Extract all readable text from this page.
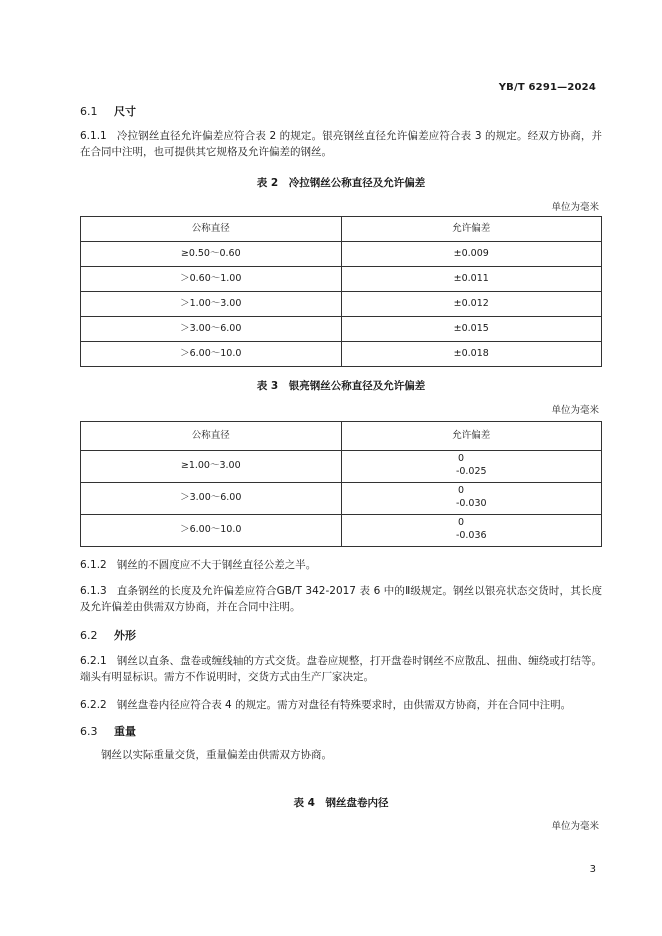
YB/T 6291—2024
6.1 尺寸
6.1.1 冷拉钢丝直径允许偏差应符合表 2 的规定。银亮钢丝直径允许偏差应符合表 3 的规定。经双方协商，并在合同中注明，也可提供其它规格及允许偏差的钢丝。
表 2　冷拉钢丝公称直径及允许偏差
单位为毫米
公称直径	允许偏差
≥0.50～0.60	±0.009
＞0.60～1.00	±0.011
＞1.00～3.00	±0.012
＞3.00～6.00	±0.015
＞6.00～10.0	±0.018
表 3　银亮钢丝公称直径及允许偏差
单位为毫米
公称直径	允许偏差
≥1.00～3.00	0
-0.025
＞3.00～6.00	0
-0.030
＞6.00～10.0	0
-0.036
6.1.2 钢丝的不圆度应不大于钢丝直径公差之半。
6.1.3 直条钢丝的长度及允许偏差应符合GB/T 342-2017 表 6 中的Ⅱ级规定。钢丝以银亮状态交货时，其长度及允许偏差由供需双方协商，并在合同中注明。
6.2 外形
6.2.1 钢丝以直条、盘卷或缠线轴的方式交货。盘卷应规整，打开盘卷时钢丝不应散乱、扭曲、缠绕或打结等。端头有明显标识。需方不作说明时，交货方式由生产厂家决定。
6.2.2 钢丝盘卷内径应符合表 4 的规定。需方对盘径有特殊要求时，由供需双方协商，并在合同中注明。
6.3 重量
钢丝以实际重量交货，重量偏差由供需双方协商。
表 4　钢丝盘卷内径
单位为毫米
3
